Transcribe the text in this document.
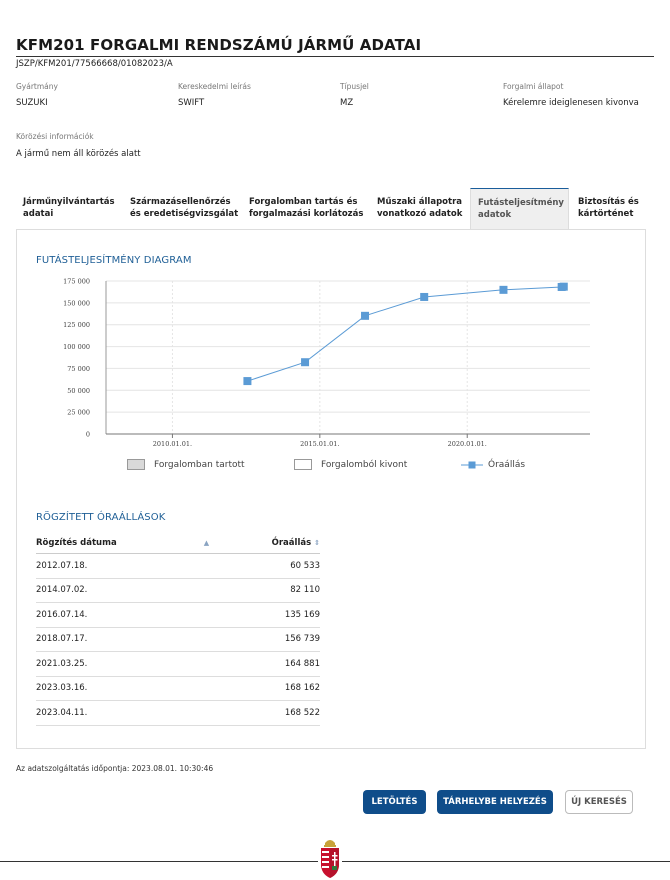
KFM201 FORGALMI RENDSZÁMÚ JÁRMŰ ADATAI
JSZP/KFM201/77566668/01082023/A
Gyártmány
SUZUKI
Kereskedelmi leírás
SWIFT
Típusjel
MZ
Forgalmi állapot
Kérelemre ideiglenesen kivonva
Körözési információk
A jármű nem áll körözés alatt
Járműnyilvántartás
adatai
Származásellenőrzés
és eredetiségvizsgálat
Forgalomban tartás és
forgalmazási korlátozás
Műszaki állapotra
vonatkozó adatok
Futásteljesítmény
adatok
Biztosítás és
kártörténet
FUTÁSTELJESÍTMÉNY DIAGRAM
0
25 000
50 000
75 000
100 000
125 000
150 000
175 000
2010.01.01.	2015.01.01.	2020.01.01.
Forgalomban tartott	Forgalomból kivont	Óraállás
RÖGZÍTETT ÓRAÁLLÁSOK
Rögzítés dátuma ▲	Óraállás ⇕
2012.07.18.	60 533
2014.07.02.	82 110
2016.07.14.	135 169
2018.07.17.	156 739
2021.03.25.	164 881
2023.03.16.	168 162
2023.04.11.	168 522
Az adatszolgáltatás időpontja: 2023.08.01. 10:30:46
LETÖLTÉS	TÁRHELYBE HELYEZÉS	ÚJ KERESÉS
